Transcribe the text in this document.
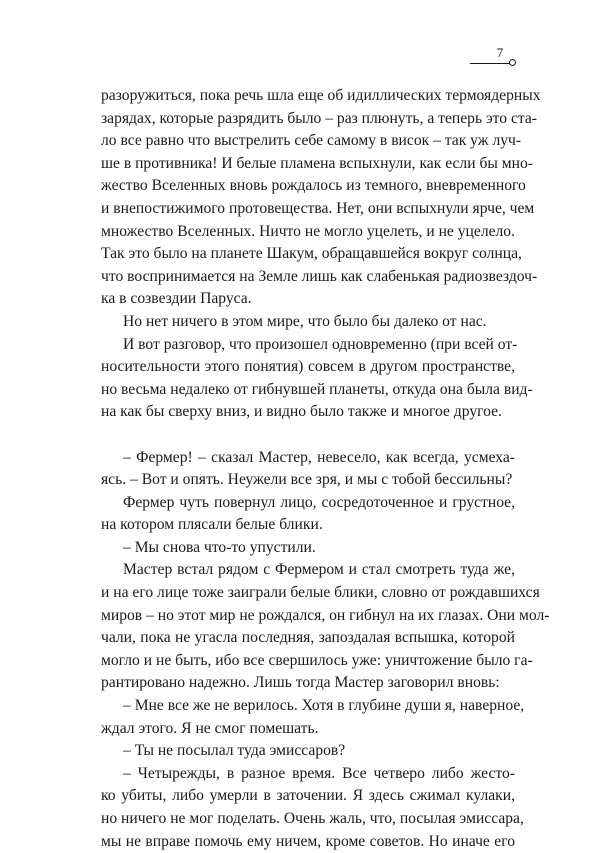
7
разоружиться, пока речь шла еще об идиллических термоядерных
зарядах, которые разрядить было – раз плюнуть, а теперь это ста-
ло все равно что выстрелить себе самому в висок – так уж луч-
ше в противника! И белые пламена вспыхнули, как если бы мно-
жество Вселенных вновь рождалось из темного, вневременного
и внепостижимого протовещества. Нет, они вспыхнули ярче, чем
множество Вселенных. Ничто не могло уцелеть, и не уцелело.
Так это было на планете Шакум, обращавшейся вокруг солнца,
что воспринимается на Земле лишь как слабенькая радиозвездоч-
ка в созвездии Паруса.
Но нет ничего в этом мире, что было бы далеко от нас.
И вот разговор, что произошел одновременно (при всей от-
носительности этого понятия) совсем в другом пространстве,
но весьма недалеко от гибнувшей планеты, откуда она была вид-
на как бы сверху вниз, и видно было также и многое другое.
– Фермер! – сказал Мастер, невесело, как всегда, усмеха-
ясь. – Вот и опять. Неужели все зря, и мы с тобой бессильны?
Фермер чуть повернул лицо, сосредоточенное и грустное,
на котором плясали белые блики.
– Мы снова что-то упустили.
Мастер встал рядом с Фермером и стал смотреть туда же,
и на его лице тоже заиграли белые блики, словно от рождавшихся
миров – но этот мир не рождался, он гибнул на их глазах. Они мол-
чали, пока не угасла последняя, запоздалая вспышка, которой
могло и не быть, ибо все свершилось уже: уничтожение было га-
рантировано надежно. Лишь тогда Мастер заговорил вновь:
– Мне все же не верилось. Хотя в глубине души я, наверное,
ждал этого. Я не смог помешать.
– Ты не посылал туда эмиссаров?
– Четырежды, в разное время. Все четверо либо жесто-
ко убиты, либо умерли в заточении. Я здесь сжимал кулаки,
но ничего не мог поделать. Очень жаль, что, посылая эмиссара,
мы не вправе помочь ему ничем, кроме советов. Но иначе его
